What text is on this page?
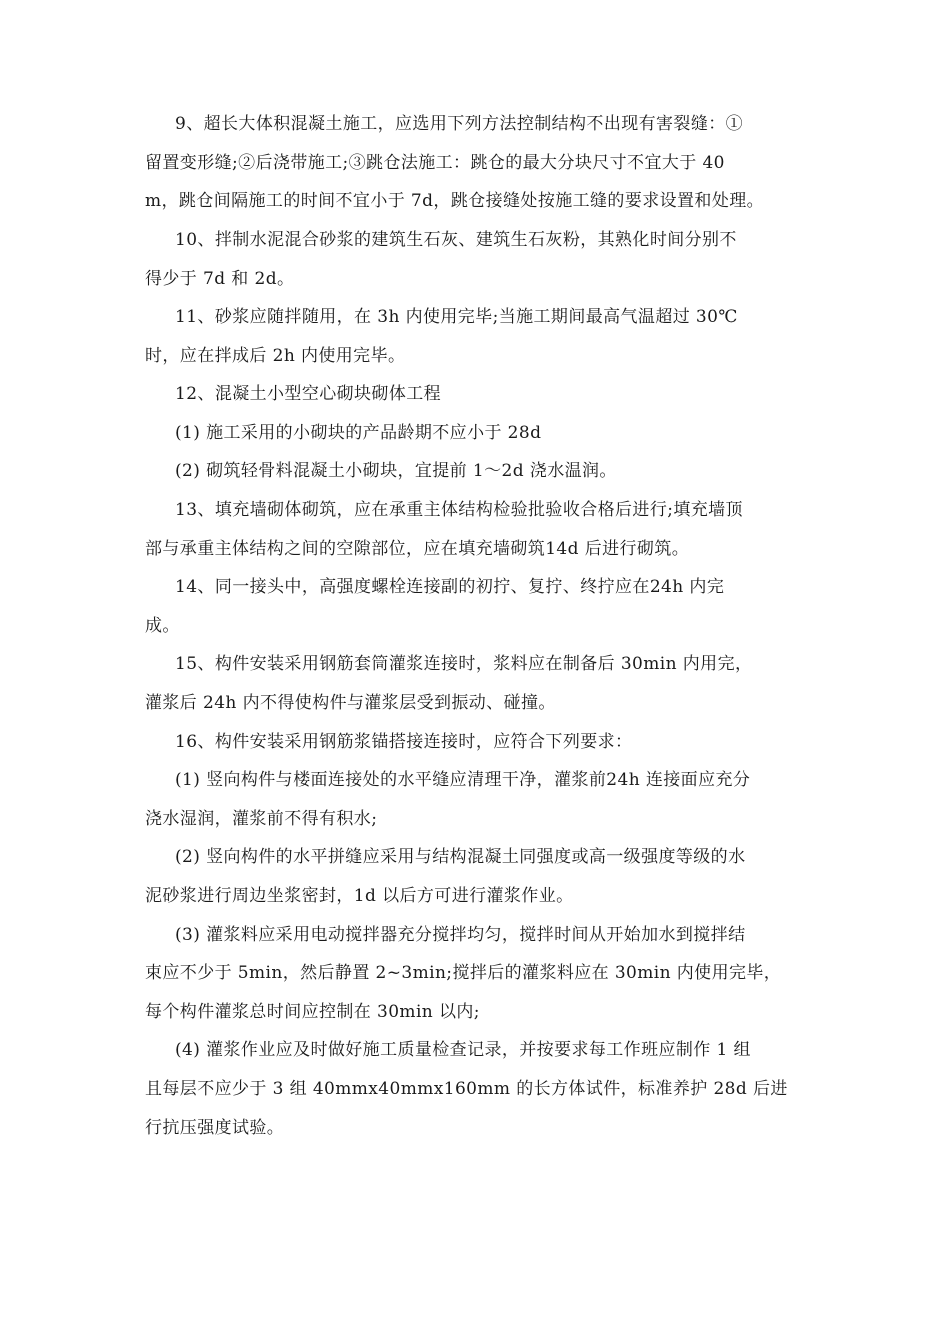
9、超长大体积混凝土施工，应选用下列方法控制结构不出现有害裂缝：①
留置变形缝;②后浇带施工;③跳仓法施工：跳仓的最大分块尺寸不宜大于 40
m，跳仓间隔施工的时间不宜小于 7d，跳仓接缝处按施工缝的要求设置和处理。
10、拌制水泥混合砂浆的建筑生石灰、建筑生石灰粉，其熟化时间分别不
得少于 7d 和 2d。
11、砂浆应随拌随用，在 3h 内使用完毕;当施工期间最高气温超过 30℃
时，应在拌成后 2h 内使用完毕。
12、混凝土小型空心砌块砌体工程
(1) 施工采用的小砌块的产品龄期不应小于 28d
(2) 砌筑轻骨料混凝土小砌块，宜提前 1～2d 浇水温润。
13、填充墙砌体砌筑，应在承重主体结构检验批验收合格后进行;填充墙顶
部与承重主体结构之间的空隙部位，应在填充墙砌筑14d 后进行砌筑。
14、同一接头中，高强度螺栓连接副的初拧、复拧、终拧应在24h 内完
成。
15、构件安装采用钢筋套筒灌浆连接时，浆料应在制备后 30min 内用完，
灌浆后 24h 内不得使构件与灌浆层受到振动、碰撞。
16、构件安装采用钢筋浆锚搭接连接时，应符合下列要求：
(1) 竖向构件与楼面连接处的水平缝应清理干净，灌浆前24h 连接面应充分
浇水湿润，灌浆前不得有积水;
(2) 竖向构件的水平拼缝应采用与结构混凝土同强度或高一级强度等级的水
泥砂浆进行周边坐浆密封，1d 以后方可进行灌浆作业。
(3) 灌浆料应采用电动搅拌器充分搅拌均匀，搅拌时间从开始加水到搅拌结
束应不少于 5min，然后静置 2~3min;搅拌后的灌浆料应在 30min 内使用完毕，
每个构件灌浆总时间应控制在 30min 以内;
(4) 灌浆作业应及时做好施工质量检查记录，并按要求每工作班应制作 1 组
且每层不应少于 3 组 40mmx40mmx160mm 的长方体试件，标准养护 28d 后进
行抗压强度试验。
